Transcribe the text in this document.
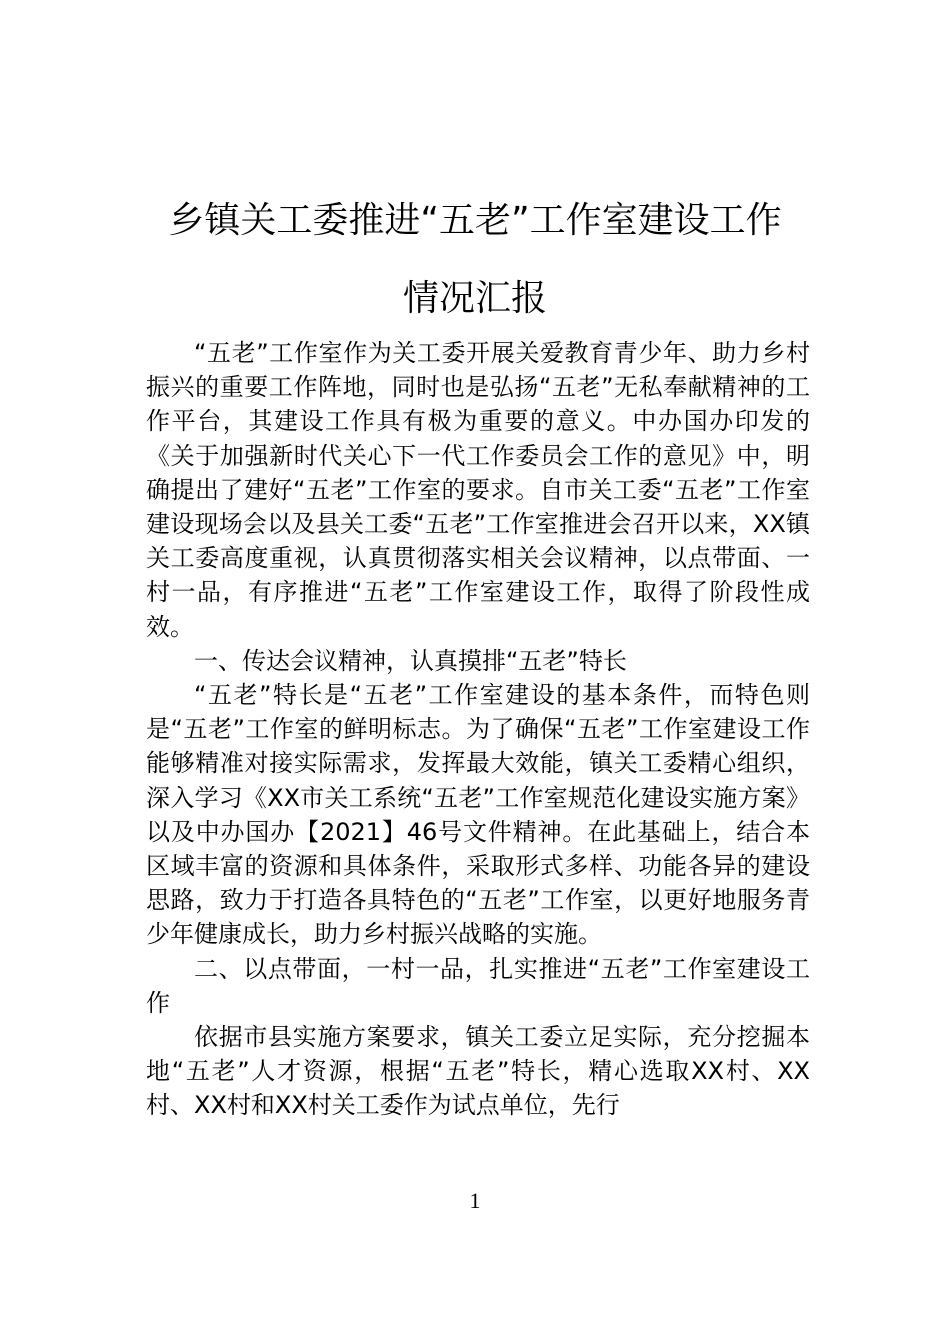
乡镇关工委推进“五老”工作室建设工作
情况汇报

“五老”工作室作为关工委开展关爱教育青少年、助力乡村振兴的重要工作阵地，同时也是弘扬“五老”无私奉献精神的工作平台，其建设工作具有极为重要的意义。中办国办印发的《关于加强新时代关心下一代工作委员会工作的意见》中，明确提出了建好“五老”工作室的要求。自市关工委“五老”工作室建设现场会以及县关工委“五老”工作室推进会召开以来，XX镇关工委高度重视，认真贯彻落实相关会议精神，以点带面、一村一品，有序推进“五老”工作室建设工作，取得了阶段性成效。

一、传达会议精神，认真摸排“五老”特长

“五老”特长是“五老”工作室建设的基本条件，而特色则是“五老”工作室的鲜明标志。为了确保“五老”工作室建设工作能够精准对接实际需求，发挥最大效能，镇关工委精心组织，深入学习《XX市关工系统“五老”工作室规范化建设实施方案》以及中办国办【2021】46号文件精神。在此基础上，结合本区域丰富的资源和具体条件，采取形式多样、功能各异的建设思路，致力于打造各具特色的“五老”工作室，以更好地服务青少年健康成长，助力乡村振兴战略的实施。

二、以点带面，一村一品，扎实推进“五老”工作室建设工作

依据市县实施方案要求，镇关工委立足实际，充分挖掘本地“五老”人才资源，根据“五老”特长，精心选取XX村、XX村、XX村和XX村关工委作为试点单位，先行

1
